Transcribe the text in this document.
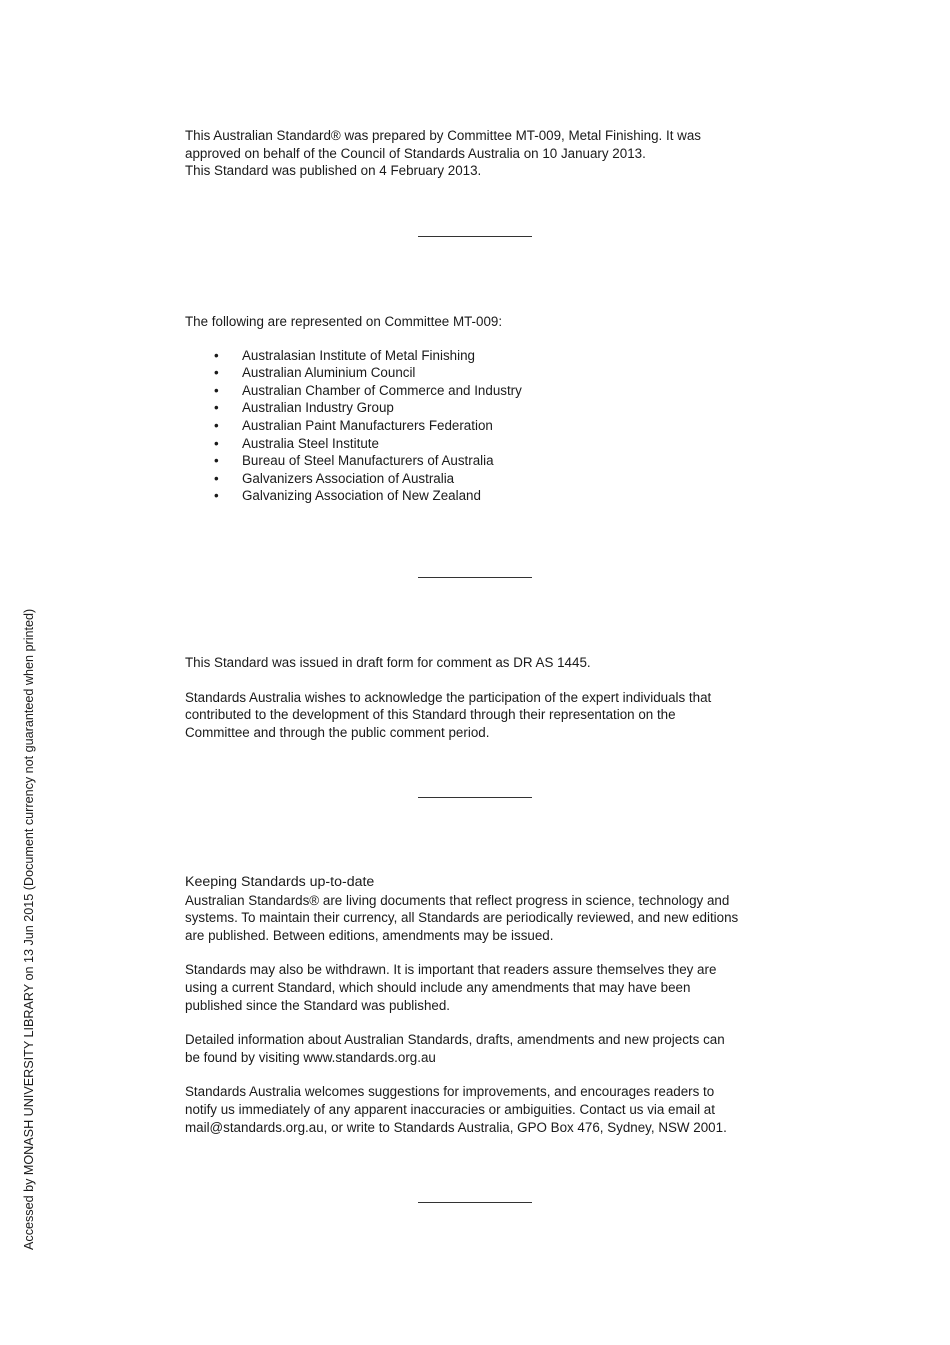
This Australian Standard® was prepared by Committee MT-009, Metal Finishing. It was

approved on behalf of the Council of Standards Australia on 10 January 2013.

This Standard was published on 4 February 2013.

The following are represented on Committee MT-009:

• Australasian Institute of Metal Finishing
• Australian Aluminium Council
• Australian Chamber of Commerce and Industry
• Australian Industry Group
• Australian Paint Manufacturers Federation
• Australia Steel Institute
• Bureau of Steel Manufacturers of Australia
• Galvanizers Association of Australia
• Galvanizing Association of New Zealand

This Standard was issued in draft form for comment as DR AS 1445.

Standards Australia wishes to acknowledge the participation of the expert individuals that

contributed to the development of this Standard through their representation on the

Committee and through the public comment period.

Keeping Standards up-to-date

Australian Standards® are living documents that reflect progress in science, technology and

systems. To maintain their currency, all Standards are periodically reviewed, and new editions

are published. Between editions, amendments may be issued.

Standards may also be withdrawn. It is important that readers assure themselves they are

using a current Standard, which should include any amendments that may have been

published since the Standard was published.

Detailed information about Australian Standards, drafts, amendments and new projects can

be found by visiting www.standards.org.au

Standards Australia welcomes suggestions for improvements, and encourages readers to

notify us immediately of any apparent inaccuracies or ambiguities. Contact us via email at

mail@standards.org.au, or write to Standards Australia, GPO Box 476, Sydney, NSW 2001.

Accessed by MONASH UNIVERSITY LIBRARY on 13 Jun 2015 (Document currency not guaranteed when printed)
